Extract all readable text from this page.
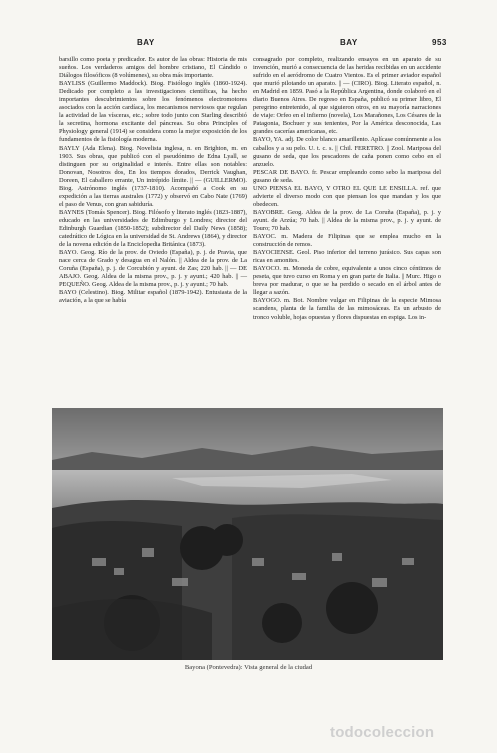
BAY	BAY	953

barsillo como poeta y predicador. Es autor de las obras: Historia de mis sueños. Los verdaderos amigos del hombre cristiano, El Cándido o Diálogos filosóficos (8 volúmenes), su obra más importante.

BAYLISS (Guillermo Maddock). Biog. Fisiólogo inglés (1860-1924). Dedicado por completo a las investigaciones científicas, ha hecho importantes descubrimientos sobre los fenómenos electromotores asociados con la acción cardíaca, los mecanismos nerviosos que regulan la actividad de las vísceras, etc.; sobre todo junto con Starling describió la secretina, hormona excitante del páncreas. Su obra Principles of Physiology general (1914) se considera como la mejor exposición de los fundamentos de la fisiología moderna.

BAYLY (Ada Elena). Biog. Novelista inglesa, n. en Brighton, m. en 1903. Sus obras, que publicó con el pseudónimo de Edna Lyall, se distinguen por su originalidad e interés. Entre ellas son notables: Donovan, Nosotros dos, En los tiempos dorados, Derrick Vaughan, Doreen, El caballero errante, Un intrépido límite. || — (GUILLERMO). Biog. Astrónomo inglés (1737-1810). Acompañó a Cook en su expedición a las tierras australes (1772) y observó en Cabo Nate (1769) el paso de Venus, con gran sabiduría.

BAYNES (Tomás Spencer). Biog. Filósofo y literato inglés (1823-1887), educado en las universidades de Edimburgo y Londres; director del Edinburgh Guardian (1850-1852); subdirector del Daily News (1858); catedrático de Lógica en la universidad de St. Andrews (1864), y director de la novena edición de la Enciclopedia Británica (1873).

BAYO. Geog. Río de la prov. de Oviedo (España), p. j. de Pravia, que nace cerca de Grado y desagua en el Nalón. || Aldea de la prov. de La Coruña (España), p. j. de Corcubión y ayunt. de Zas; 220 hab. || — DE ABAJO. Geog. Aldea de la misma prov., p. j. y ayunt.; 420 hab. || — PEQUEÑO. Geog. Aldea de la misma prov., p. j. y ayunt.; 70 hab.

BAYO (Celestino). Biog. Militar español (1879-1942). Entusiasta de la aviación, a la que se había

consagrado por completo, realizando ensayos en un aparato de su invención, murió a consecuencia de las heridas recibidas en un accidente sufrido en el aeródromo de Cuatro Vientos. Es el primer aviador español que murió pilotando un aparato. || — (CIRO). Biog. Literato español, n. en Madrid en 1859. Pasó a la República Argentina, donde colaboró en el diario Buenos Aires. De regreso en España, publicó su primer libro, El peregrino entretenido, al que siguieron otros, en su mayoría narraciones de viaje: Orfeo en el infierno (novela), Los Marañones, Los Césares de la Patagonia, Bochuer y sus tenientes, Por la América desconocida, Las grandes cacerías americanas, etc.

BAYO, YA. adj. De color blanco amarillento. Aplícase comúnmente a los caballos y a su pelo. U. t. c. s. || Chil. FERETRO. || Zool. Mariposa del gusano de seda, que los pescadores de caña ponen como cebo en el anzuelo.

PESCAR DE BAYO. fr. Pescar empleando como sebo la mariposa del gusano de seda.

UNO PIENSA EL BAYO, Y OTRO EL QUE LE ENSILLA. ref. que advierte el diverso modo con que piensan los que mandan y los que obedecen.

BAYOBRE. Geog. Aldea de la prov. de La Coruña (España), p. j. y ayunt. de Arzúa; 70 hab. || Aldea de la misma prov., p. j. y ayunt. de Touro; 70 hab.

BAYOC. m. Madera de Filipinas que se emplea mucho en la construcción de remos.

BAYOCIENSE. Geol. Piso inferior del terreno jurásico. Sus capas son ricas en amonites.

BAYOCO. m. Moneda de cobre, equivalente a unos cinco céntimos de peseta, que tuvo curso en Roma y en gran parte de Italia. || Murc. Higo o breva por madurar, o que se ha perdido o secado en el árbol antes de llegar a sazón.

BAYOGO. m. Bot. Nombre vulgar en Filipinas de la especie Mimosa scandens, planta de la familia de las mimosáceas. Es un arbusto de tronco voluble, hojas opuestas y flores dispuestas en espiga. Los in-

Bayona (Pontevedra): Vista general de la ciudad
todocoleccion
